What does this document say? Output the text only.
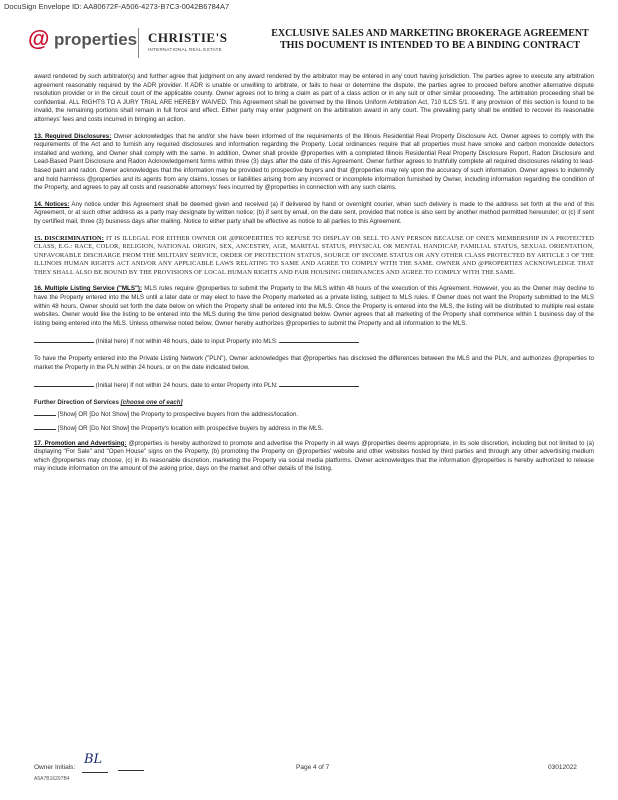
DocuSign Envelope ID: AA80672F-A506-4273-B7C3-0042B6784A7
@ properties CHRISTIE'S
INTERNATIONAL REAL ESTATE
EXCLUSIVE SALES AND MARKETING BROKERAGE AGREEMENT
THIS DOCUMENT IS INTENDED TO BE A BINDING CONTRACT

award rendered by such arbitrator(s) and further agree that judgment on any award rendered by the arbitrator may be entered in any court having jurisdiction. The parties agree to execute any arbitration agreement reasonably required by the ADR provider. If ADR is unable or unwilling to arbitrate, or fails to hear or determine the dispute, the parties agree to proceed before another alternative dispute resolution provider or in the circuit court of the applicable county. Owner agrees not to bring a claim as part of a class action or in any suit or other similar proceeding. The arbitration proceeding shall be confidential. ALL RIGHTS TO A JURY TRIAL ARE HEREBY WAIVED. This Agreement shall be governed by the Illinois Uniform Arbitration Act, 710 ILCS 5/1. If any provision of this section is found to be invalid, the remaining portions shall remain in full force and effect. Either party may enter judgment on the arbitration award in any court. The prevailing party shall be entitled to recover its reasonable attorneys' fees and costs incurred in bringing an action.

13. Required Disclosures: Owner acknowledges that he and/or she have been informed of the requirements of the Illinois Residential Real Property Disclosure Act. Owner agrees to comply with the requirements of the Act and to furnish any required disclosures and information regarding the Property. Local ordinances require that all properties must have smoke and carbon monoxide detectors installed and working, and Owner shall comply with the same. In addition, Owner shall provide @properties with a completed Illinois Residential Real Property Disclosure Report, Radon Disclosure and Lead-Based Paint Disclosure and Radon Acknowledgement forms within three (3) days after the date of this Agreement. Owner further agrees to truthfully complete all required disclosures relating to lead-based paint and radon. Owner acknowledges that the information may be provided to prospective buyers and that @properties may rely upon the accuracy of such information. Owner agrees to indemnify and hold harmless @properties and its agents from any claims, losses or liabilities arising from any incorrect or incomplete information furnished by Owner, including information regarding the condition of the Property, and agrees to pay all costs and reasonable attorneys' fees incurred by @properties in connection with any such claims.

14. Notices: Any notice under this Agreement shall be deemed given and received (a) if delivered by hand or overnight courier, when such delivery is made to the address set forth at the end of this Agreement, or at such other address as a party may designate by written notice; (b) if sent by email, on the date sent, provided that notice is also sent by another method permitted hereunder; or (c) if sent by certified mail, three (3) business days after mailing. Notice to either party shall be effective as notice to all parties to this Agreement.

15. DISCRIMINATION: IT IS ILLEGAL FOR EITHER OWNER OR @PROPERTIES TO REFUSE TO DISPLAY OR SELL TO ANY PERSON BECAUSE OF ONE'S MEMBERSHIP IN A PROTECTED CLASS, E.G.: RACE, COLOR, RELIGION, NATIONAL ORIGIN, SEX, ANCESTRY, AGE, MARITAL STATUS, PHYSICAL OR MENTAL HANDICAP, FAMILIAL STATUS, SEXUAL ORIENTATION, UNFAVORABLE DISCHARGE FROM THE MILITARY SERVICE, ORDER OF PROTECTION STATUS, SOURCE OF INCOME STATUS OR ANY OTHER CLASS PROTECTED BY ARTICLE 3 OF THE ILLINOIS HUMAN RIGHTS ACT AND/OR ANY APPLICABLE LAWS RELATING TO SAME AND AGREE TO COMPLY WITH THE SAME. OWNER AND @PROPERTIES ACKNOWLEDGE THAT THEY SHALL ALSO BE BOUND BY THE PROVISIONS OF LOCAL HUMAN RIGHTS AND FAIR HOUSING ORDINANCES AND AGREE TO COMPLY WITH THE SAME.

16. Multiple Listing Service ("MLS"): MLS rules require @properties to submit the Property to the MLS within 48 hours of the execution of this Agreement. However, you as the Owner may decline to have the Property entered into the MLS until a later date or may elect to have the Property marketed as a private listing, subject to MLS rules. If Owner does not want the Property submitted to the MLS within 48 hours, Owner should set forth the date below on which the Property shall be entered into the MLS. Once the Property is entered into the MLS, the listing will be distributed to multiple real estate websites. Owner would like the listing to be entered into the MLS during the time period designated below. Owner agrees that all marketing of the Property shall commence within 1 business day of the listing being entered into the MLS. Unless otherwise noted below, Owner hereby authorizes @properties to submit the Property and all information to the MLS.

(Initial here) If not within 48 hours, date to input Property into MLS:

To have the Property entered into the Private Listing Network ("PLN"), Owner acknowledges that @properties has disclosed the differences between the MLS and the PLN, and authorizes @properties to market the Property in the PLN within 24 hours, or on the date indicated below.

(Initial here) If not within 24 hours, date to enter Property into PLN:

Further Direction of Services [choose one of each]

[Show] OR [Do Not Show] the Property to prospective buyers from the address/location.

[Show] OR [Do Not Show] the Property's location with prospective buyers by address in the MLS.

17. Promotion and Advertising: @properties is hereby authorized to promote and advertise the Property in all ways @properties deems appropriate, in its sole discretion, including but not limited to (a) displaying "For Sale" and "Open House" signs on the Property, (b) promoting the Property on @properties' website and other websites hosted by third parties and through any other advertising medium which @properties may choose, (c) in its reasonable discretion, marketing the Property via social media platforms. Owner acknowledges that the information @properties is hereby authorized to release may include information on the amount of the asking price, days on the market and other details of the listing.

Owner Initials:
BL
Page 4 of 7	03012022
A5A7B16297B4
